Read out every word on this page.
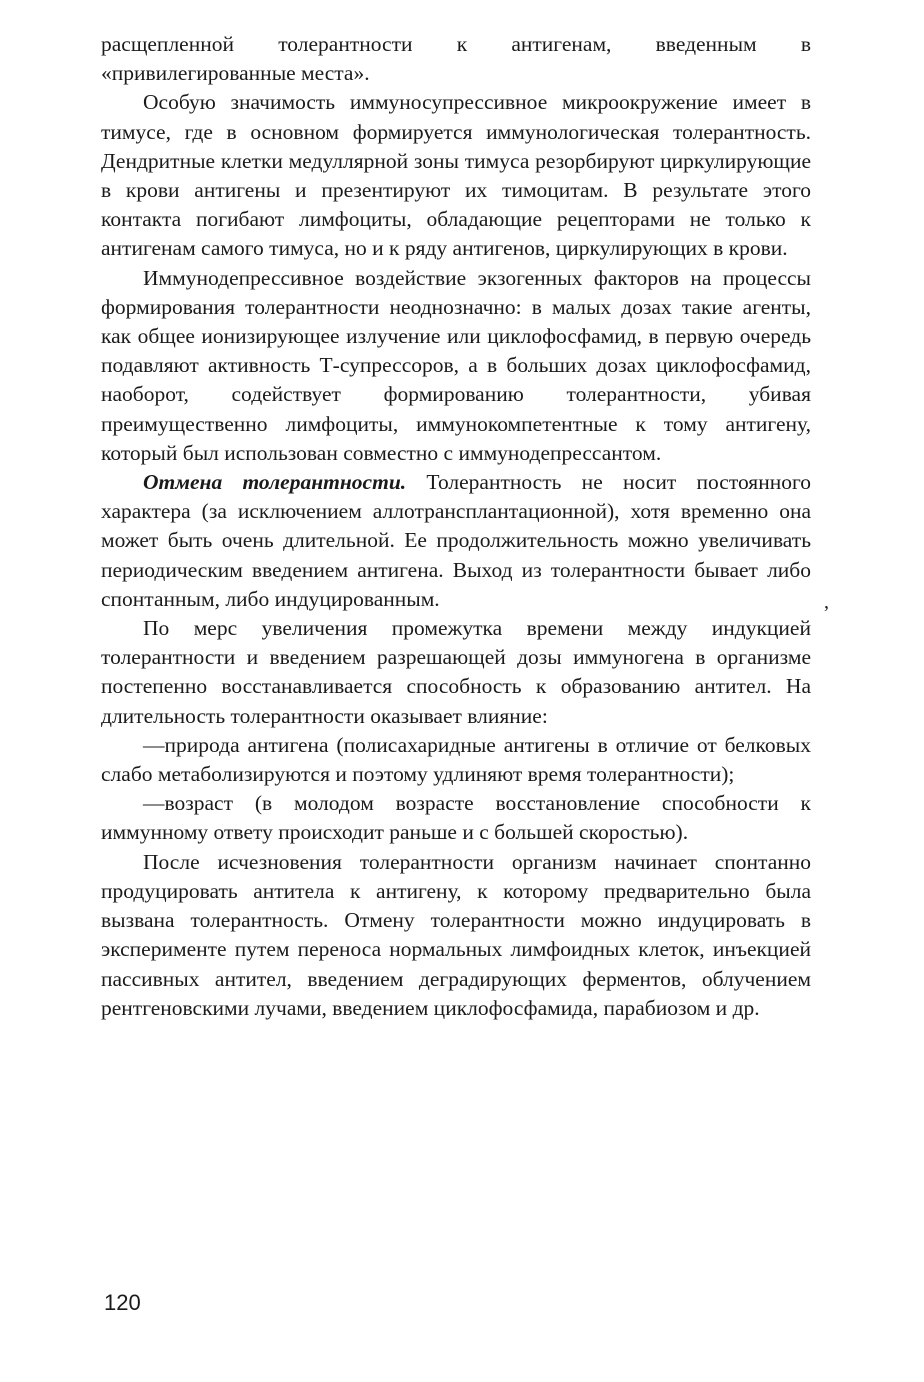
расщепленной толерантности к антигенам, введенным в «привилегированные места».

Особую значимость иммуносупрессивное микроокружение имеет в тимусе, где в основном формируется иммунологическая толерантность. Дендритные клетки медуллярной зоны тимуса резорбируют циркулирующие в крови антигены и презентируют их тимоцитам. В результате этого контакта погибают лимфоциты, обладающие рецепторами не только к антигенам самого тимуса, но и к ряду антигенов, циркулирующих в крови.

Иммунодепрессивное воздействие экзогенных факторов на процессы формирования толерантности неоднозначно: в малых дозах такие агенты, как общее ионизирующее излучение или циклофосфамид, в первую очередь подавляют активность Т-супрессоров, а в больших дозах циклофосфамид, наоборот, содействует формированию толерантности, убивая преимущественно лимфоциты, иммунокомпетентные к тому антигену, который был использован совместно с иммунодепрессантом.

Отмена толерантности. Толерантность не носит постоянного характера (за исключением аллотрансплантационной), хотя временно она может быть очень длительной. Ее продолжительность можно увеличивать периодическим введением антигена. Выход из толерантности бывает либо спонтанным, либо индуцированным.

По мерс увеличения промежутка времени между индукцией толерантности и введением разрешающей дозы иммуногена в организме постепенно восстанавливается способность к образованию антител. На длительность толерантности оказывает влияние:

—природа антигена (полисахаридные антигены в отличие от белковых слабо метаболизируются и поэтому удлиняют время толерантности);

—возраст (в молодом возрасте восстановление способности к иммунному ответу происходит раньше и с большей скоростью).

После исчезновения толерантности организм начинает спонтанно продуцировать антитела к антигену, к которому предварительно была вызвана толерантность. Отмену толерантности можно индуцировать в эксперименте путем переноса нормальных лимфоидных клеток, инъекцией пассивных антител, введением деградирующих ферментов, облучением рентгеновскими лучами, введением циклофосфамида, парабиозом и др.

,
120
